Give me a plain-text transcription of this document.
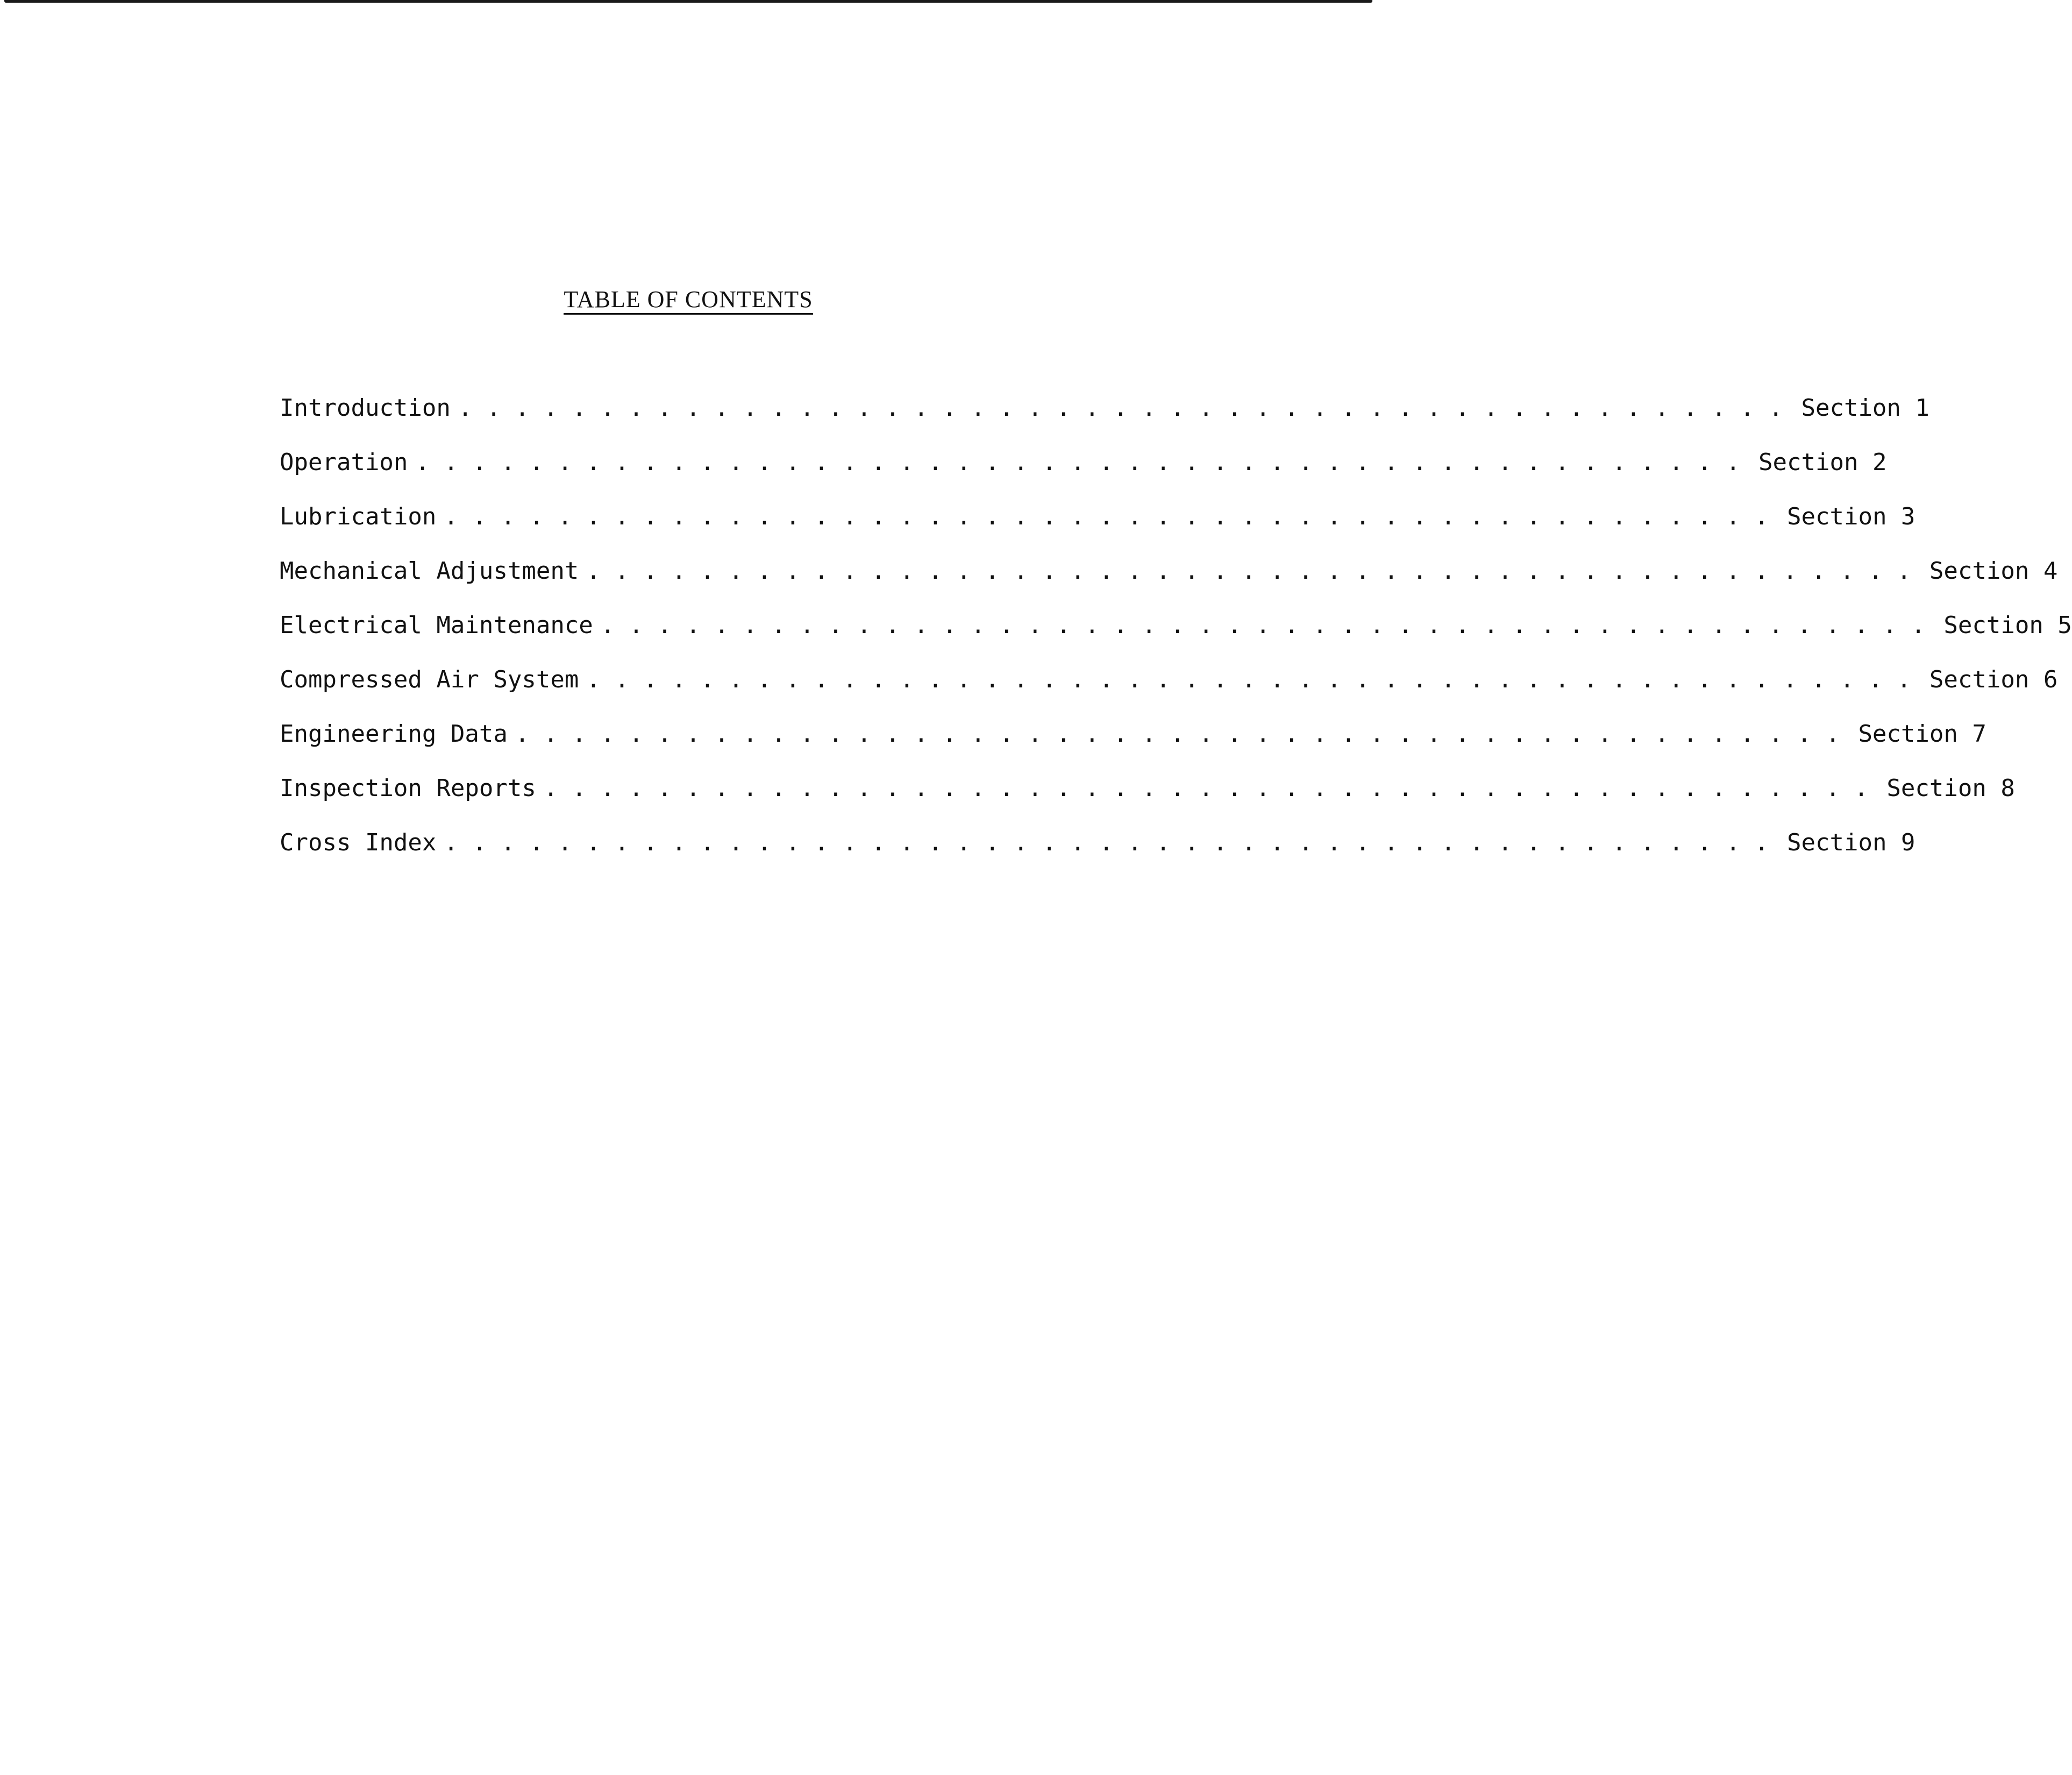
TABLE OF CONTENTS
Introduction . . . . . . . . . . . . . . . . . . . . . . . . . . . . . . . . . . . . . . . . . . . . . . . Section 1
Operation . . . . . . . . . . . . . . . . . . . . . . . . . . . . . . . . . . . . . . . . . . . . . . . Section 2
Lubrication . . . . . . . . . . . . . . . . . . . . . . . . . . . . . . . . . . . . . . . . . . . . . . . Section 3
Mechanical Adjustment . . . . . . . . . . . . . . . . . . . . . . . . . . . . . . . . . . . . . . . . . . . . . . . Section 4
Electrical Maintenance . . . . . . . . . . . . . . . . . . . . . . . . . . . . . . . . . . . . . . . . . . . . . . . Section 5
Compressed Air System . . . . . . . . . . . . . . . . . . . . . . . . . . . . . . . . . . . . . . . . . . . . . . . Section 6
Engineering Data . . . . . . . . . . . . . . . . . . . . . . . . . . . . . . . . . . . . . . . . . . . . . . . Section 7
Inspection Reports . . . . . . . . . . . . . . . . . . . . . . . . . . . . . . . . . . . . . . . . . . . . . . . Section 8
Cross Index . . . . . . . . . . . . . . . . . . . . . . . . . . . . . . . . . . . . . . . . . . . . . . . Section 9
